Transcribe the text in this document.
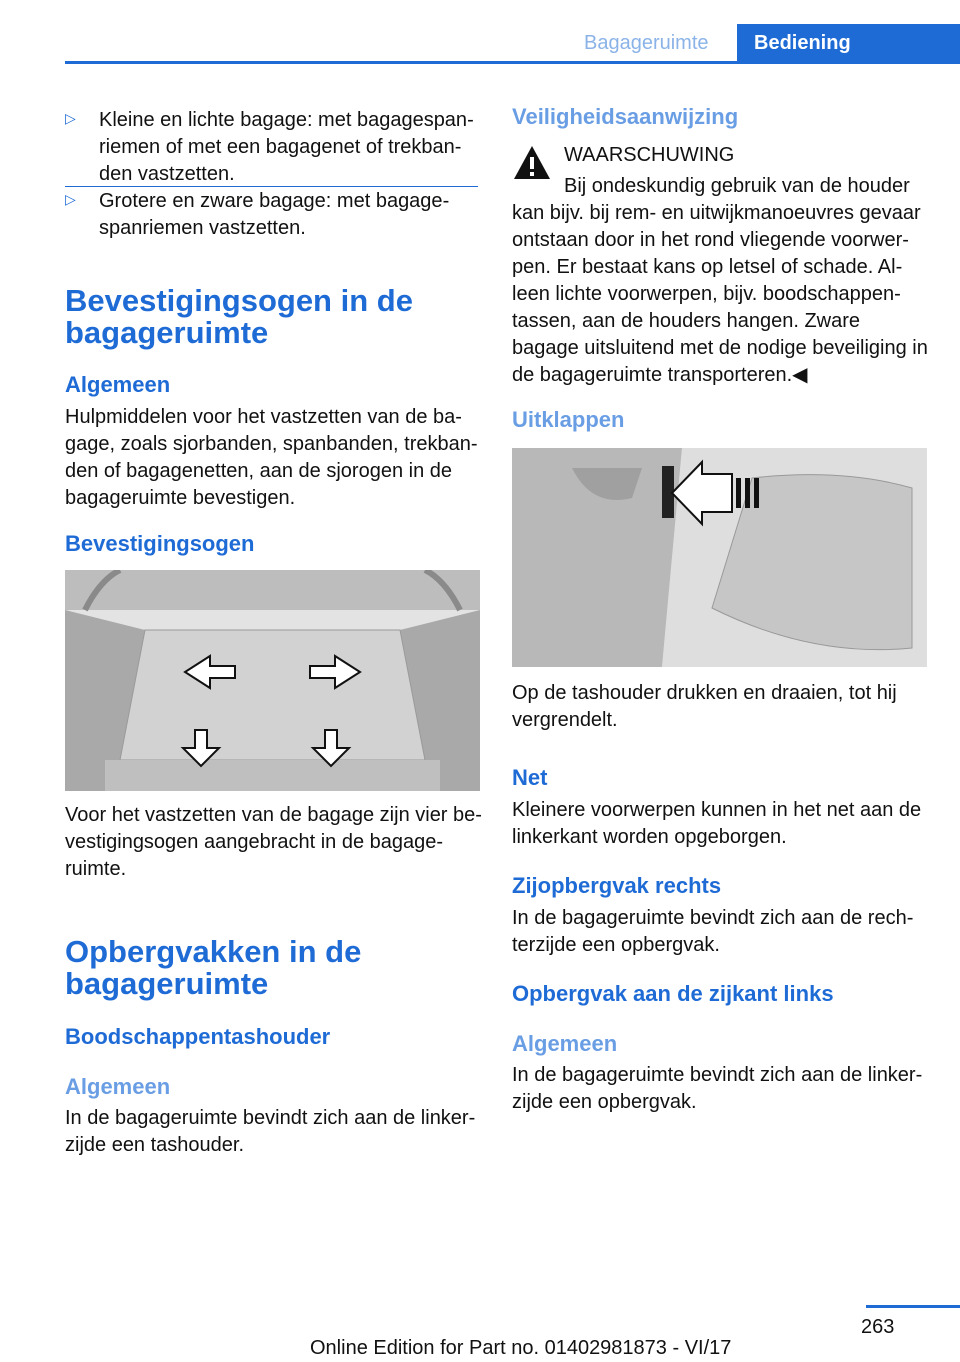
Bagageruimte Bediening
▷ Kleine en lichte bagage: met bagagespanriemen of met een bagagenet of trekbanden vastzetten.
▷ Grotere en zware bagage: met bagagespanriemen vastzetten.
Bevestigingsogen in de bagageruimte
Algemeen
Hulpmiddelen voor het vastzetten van de bagage, zoals sjorbanden, spanbanden, trekbanden of bagagenetten, aan de sjorogen in de bagageruimte bevestigen.
Bevestigingsogen
Voor het vastzetten van de bagage zijn vier bevestigingsogen aangebracht in de bagageruimte.
Opbergvakken in de bagageruimte
Boodschappentashouder
Algemeen
In de bagageruimte bevindt zich aan de linkerzijde een tashouder.
Veiligheidsaanwijzing
WAARSCHUWING
Bij ondeskundig gebruik van de houder
kan bijv. bij rem- en uitwijkmanoeuvres gevaar ontstaan door in het rond vliegende voorwerpen. Er bestaat kans op letsel of schade. Alleen lichte voorwerpen, bijv. boodschappentassen, aan de houders hangen. Zware bagage uitsluitend met de nodige beveiliging in de bagageruimte transporteren.◀
Uitklappen
Op de tashouder drukken en draaien, tot hij vergrendelt.
Net
Kleinere voorwerpen kunnen in het net aan de linkerkant worden opgeborgen.
Zijopbergvak rechts
In de bagageruimte bevindt zich aan de rechterzijde een opbergvak.
Opbergvak aan de zijkant links
Algemeen
In de bagageruimte bevindt zich aan de linkerzijde een opbergvak.
263
Online Edition for Part no. 01402981873 - VI/17
